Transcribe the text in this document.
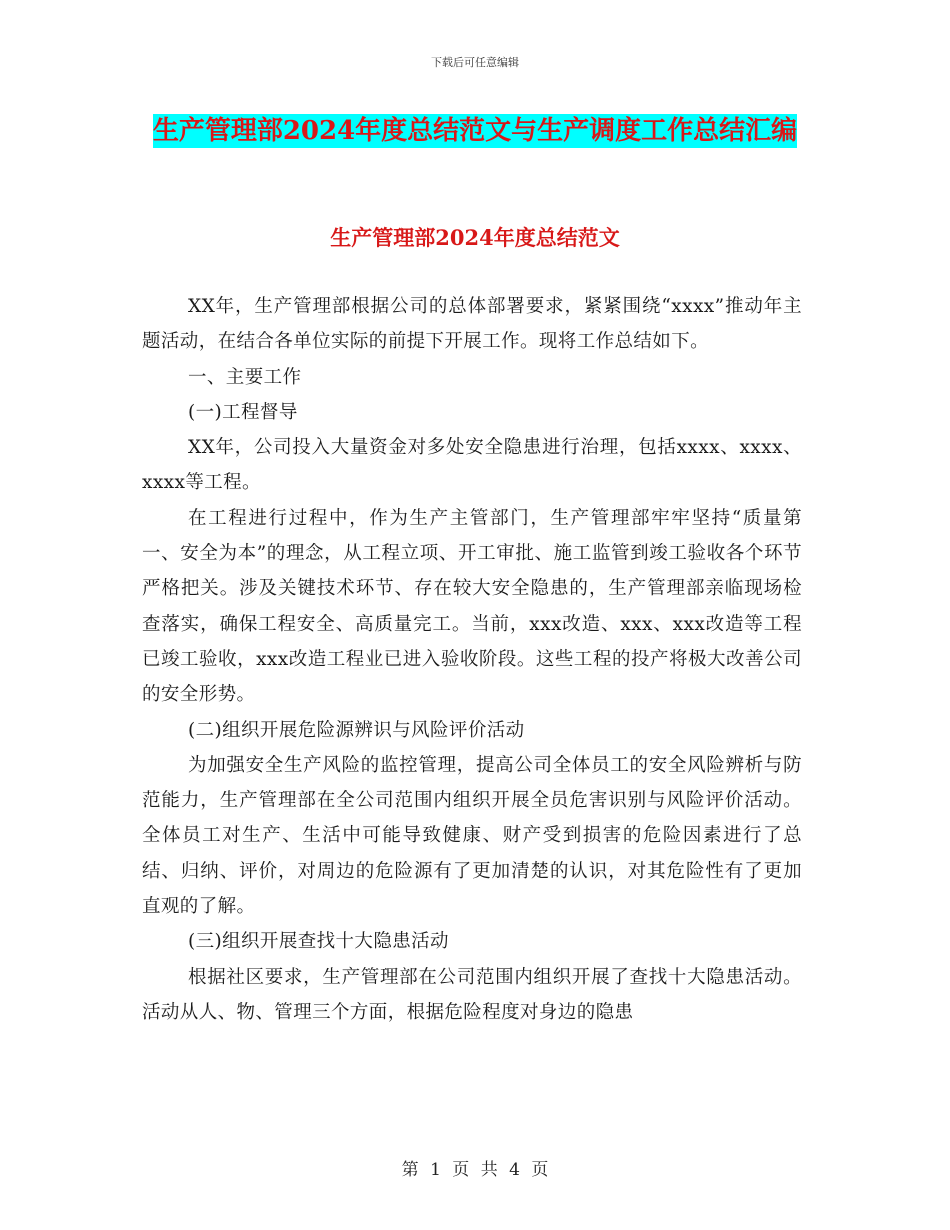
下载后可任意编辑
生产管理部2024年度总结范文与生产调度工作总结汇编
生产管理部2024年度总结范文

XX年，生产管理部根据公司的总体部署要求，紧紧围绕“xxxx”推动年主题活动，在结合各单位实际的前提下开展工作。现将工作总结如下。

一、主要工作

(一)工程督导

XX年，公司投入大量资金对多处安全隐患进行治理，包括xxxx、xxxx、xxxx等工程。

在工程进行过程中，作为生产主管部门，生产管理部牢牢坚持“质量第一、安全为本”的理念，从工程立项、开工审批、施工监管到竣工验收各个环节严格把关。涉及关键技术环节、存在较大安全隐患的，生产管理部亲临现场检查落实，确保工程安全、高质量完工。当前，xxx改造、xxx、xxx改造等工程已竣工验收，xxx改造工程业已进入验收阶段。这些工程的投产将极大改善公司的安全形势。

(二)组织开展危险源辨识与风险评价活动

为加强安全生产风险的监控管理，提高公司全体员工的安全风险辨析与防范能力，生产管理部在全公司范围内组织开展全员危害识别与风险评价活动。全体员工对生产、生活中可能导致健康、财产受到损害的危险因素进行了总结、归纳、评价，对周边的危险源有了更加清楚的认识，对其危险性有了更加直观的了解。

(三)组织开展查找十大隐患活动

根据社区要求，生产管理部在公司范围内组织开展了查找十大隐患活动。活动从人、物、管理三个方面，根据危险程度对身边的隐患

第 1 页 共 4 页
